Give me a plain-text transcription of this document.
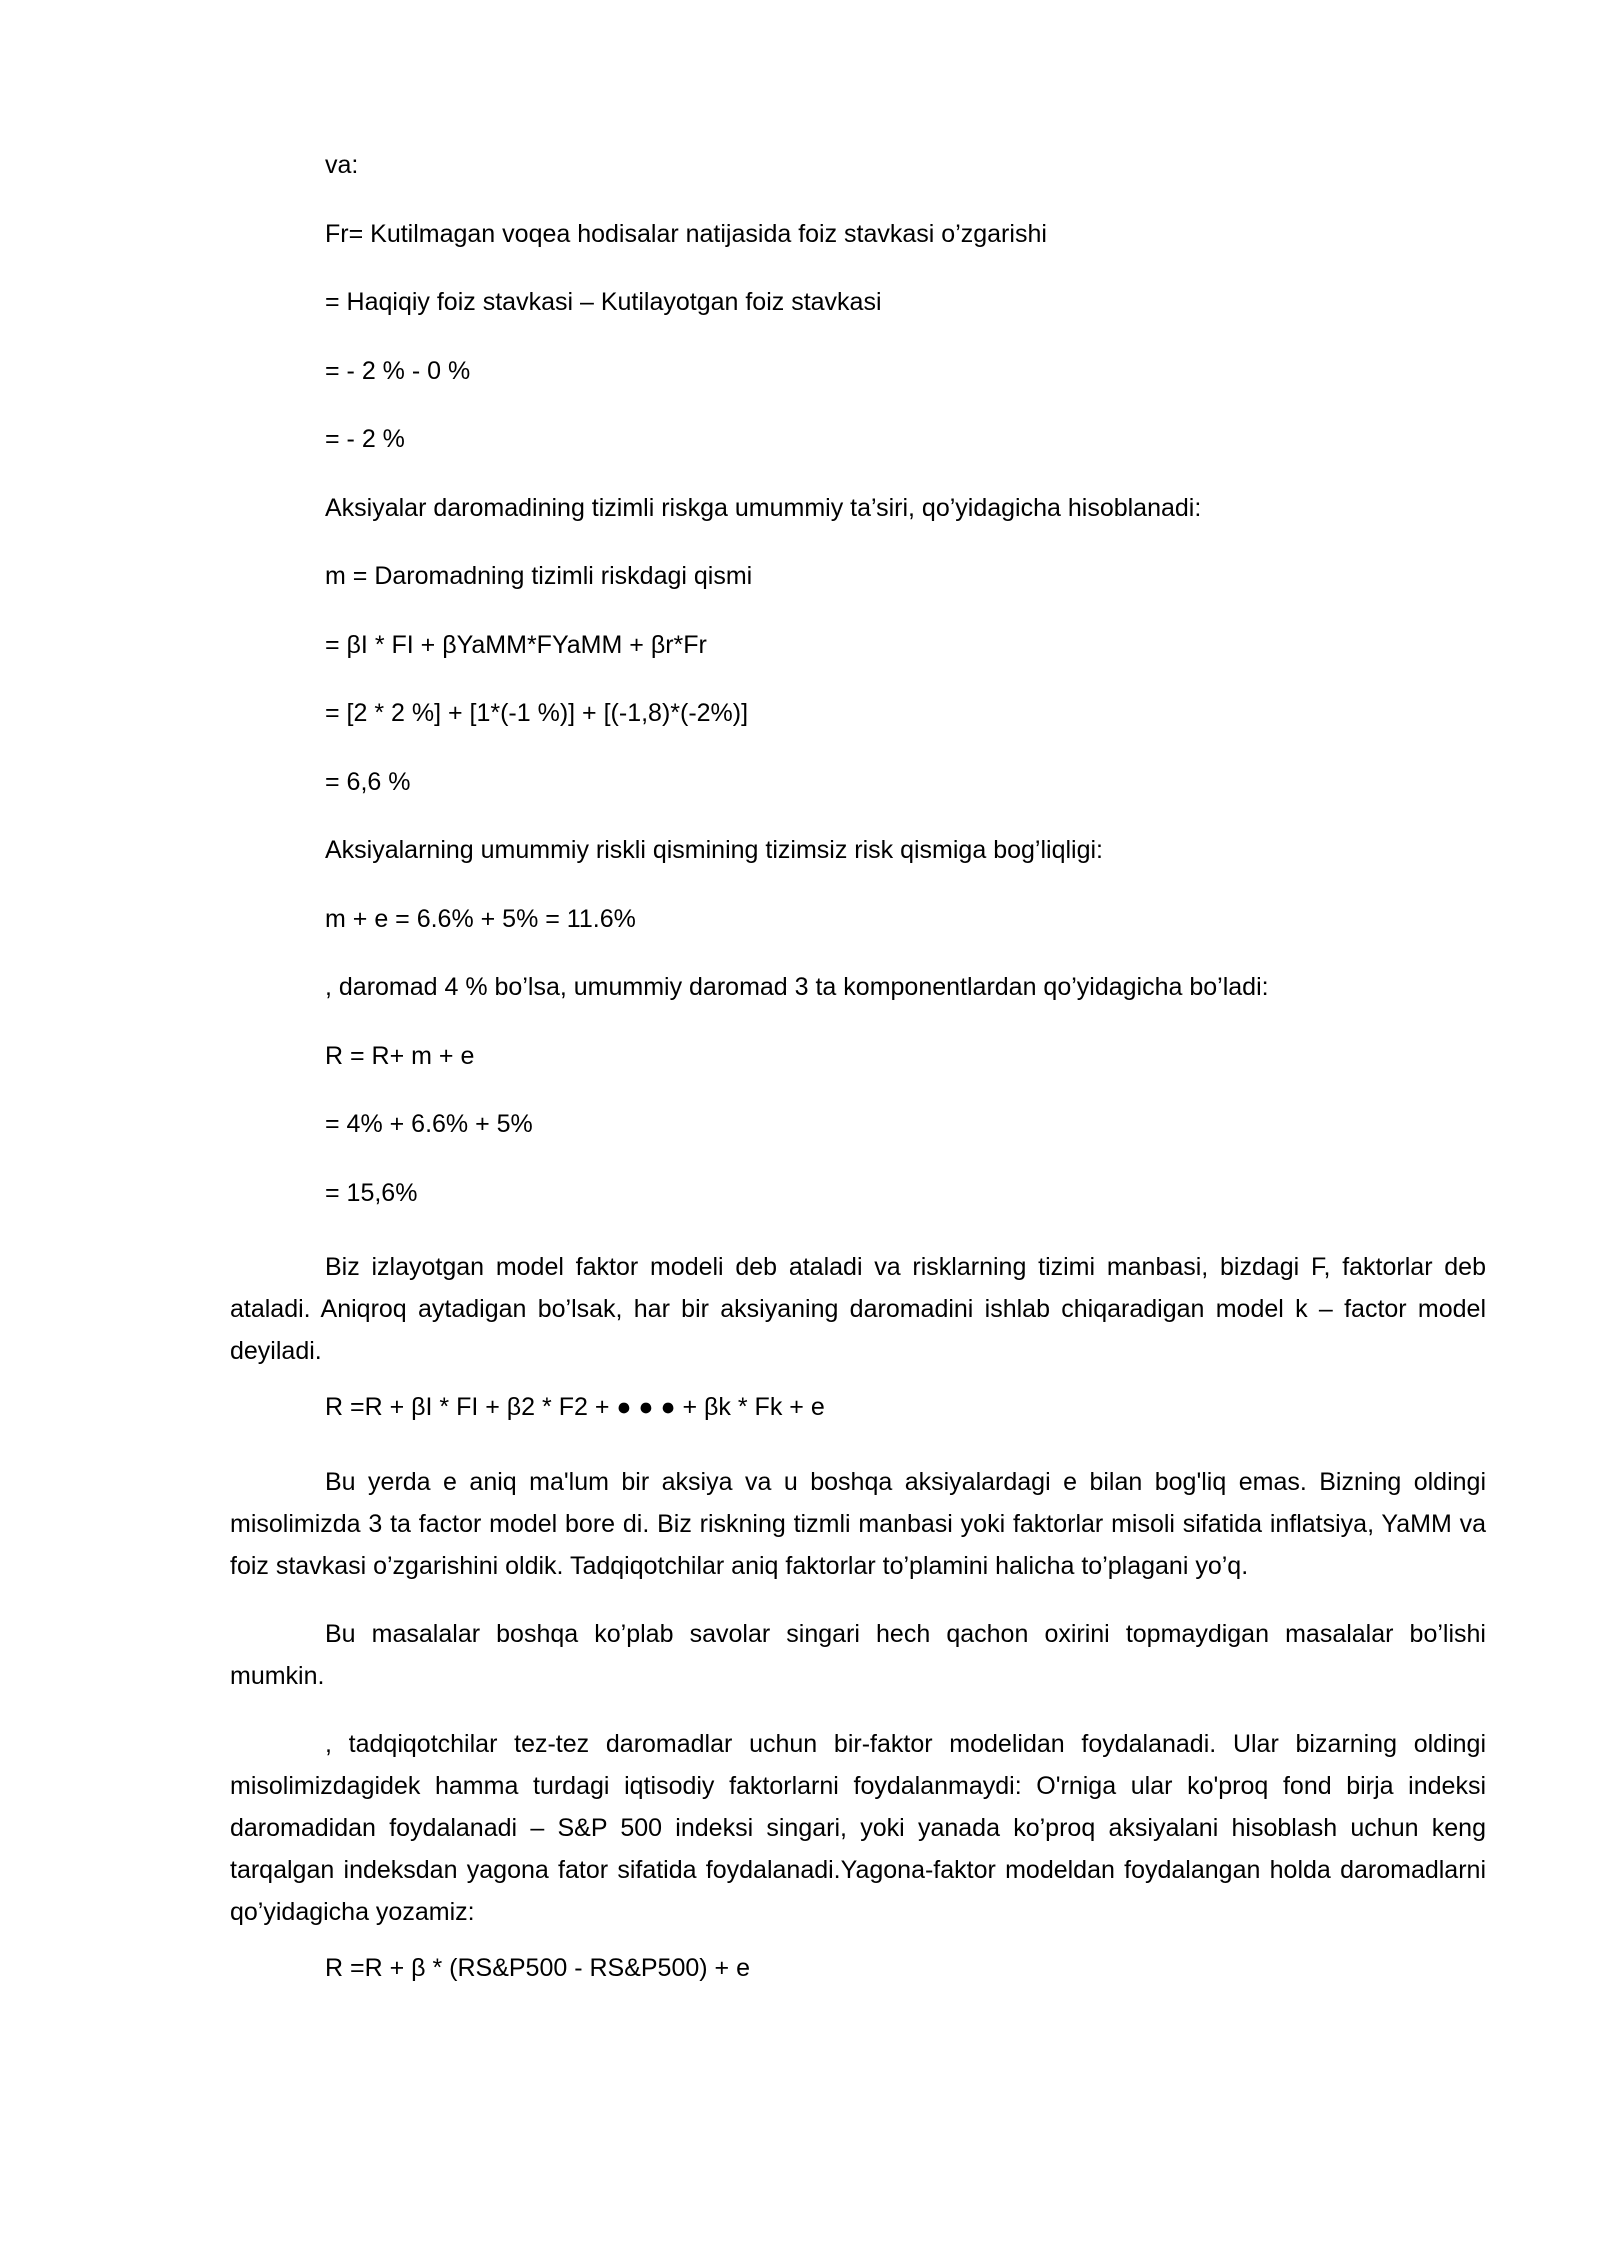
va:
Fr= Kutilmagan voqea hodisalar natijasida foiz stavkasi o’zgarishi
= Haqiqiy foiz stavkasi – Kutilayotgan foiz stavkasi
= - 2 % - 0 %
= - 2 %
Aksiyalar daromadining tizimli riskga umummiy ta’siri, qo’yidagicha hisoblanadi:
m = Daromadning tizimli riskdagi qismi
= βI * FI + βYaMM*FYaMM + βr*Fr
= [2 * 2 %] + [1*(-1 %)] + [(-1,8)*(-2%)]
= 6,6 %
Aksiyalarning umummiy riskli qismining tizimsiz risk qismiga bog’liqligi:
m + e = 6.6% + 5% = 11.6%
, daromad 4 % bo’lsa, umummiy daromad 3 ta komponentlardan qo’yidagicha bo’ladi:
R = R+ m + e
= 4% + 6.6% + 5%
= 15,6%

Biz izlayotgan model faktor modeli deb ataladi va risklarning tizimi manbasi, bizdagi F, faktorlar deb ataladi. Aniqroq aytadigan bo’lsak, har bir aksiyaning daromadini ishlab chiqaradigan model k – factor model deyiladi.

R =R + βI * FI + β2 * F2 + ● ● ● + βk * Fk + e

Bu yerda e aniq ma'lum bir aksiya va u boshqa aksiyalardagi e bilan bog'liq emas. Bizning oldingi misolimizda 3 ta factor model bore di. Biz riskning tizmli manbasi yoki faktorlar misoli sifatida inflatsiya, YaMM va foiz stavkasi o’zgarishini oldik. Tadqiqotchilar aniq faktorlar to’plamini halicha to’plagani yo’q.

Bu masalalar boshqa ko’plab savolar singari hech qachon oxirini topmaydigan masalalar bo’lishi mumkin.

, tadqiqotchilar tez-tez daromadlar uchun bir-faktor modelidan foydalanadi. Ular bizarning oldingi misolimizdagidek hamma turdagi iqtisodiy faktorlarni foydalanmaydi: O'rniga ular ko'proq fond birja indeksi daromadidan foydalanadi – S&P 500 indeksi singari, yoki yanada ko’proq aksiyalani hisoblash uchun keng tarqalgan indeksdan yagona fator sifatida foydalanadi.Yagona-faktor modeldan foydalangan holda daromadlarni qo’yidagicha yozamiz:

R =R + β * (RS&P500 - RS&P500) + e
